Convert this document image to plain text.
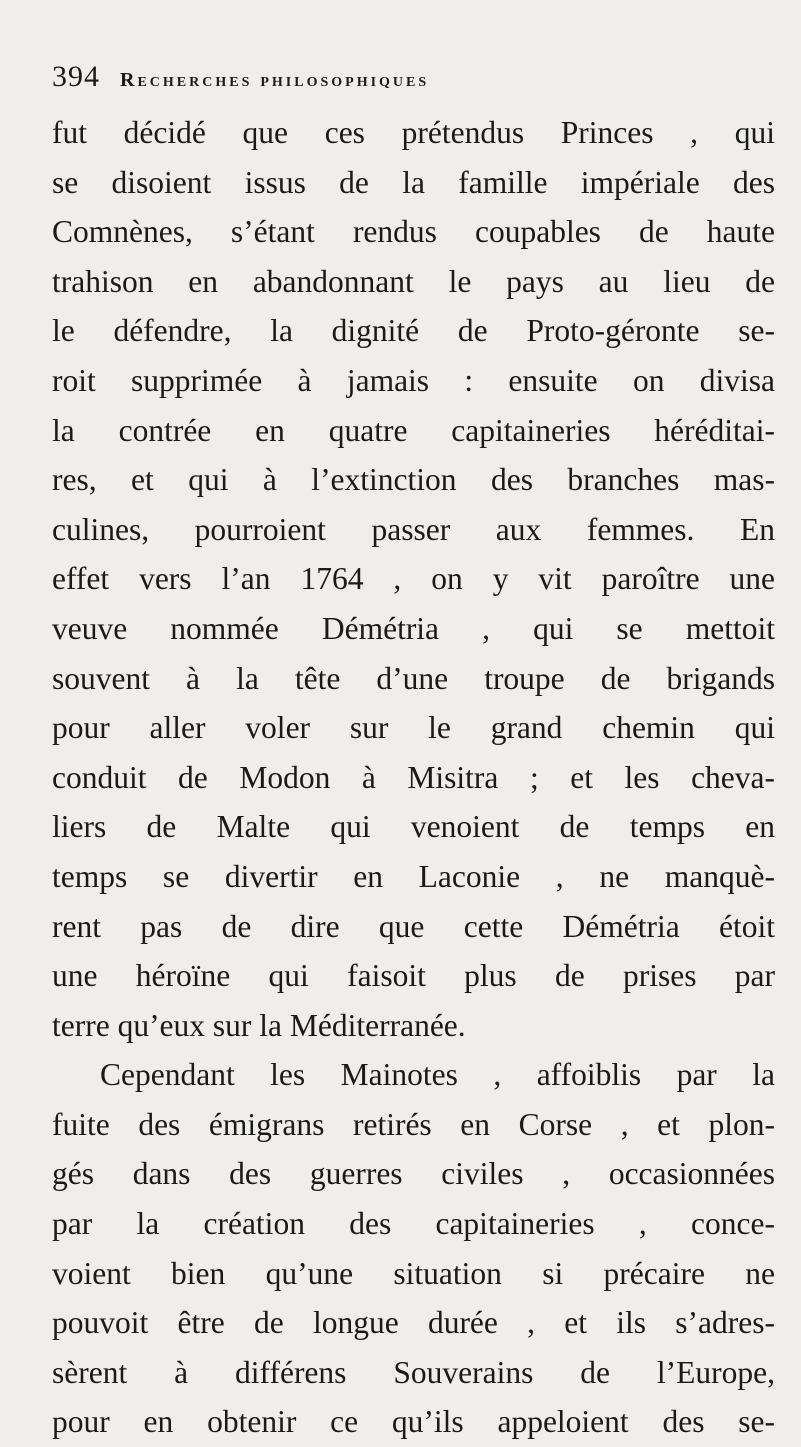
394 Recherches philosophiques
fut décidé que ces prétendus Princes , qui
se disoient issus de la famille impériale des
Comnènes, s’étant rendus coupables de haute
trahison en abandonnant le pays au lieu de
le défendre, la dignité de Proto-géronte se-
roit supprimée à jamais : ensuite on divisa
la contrée en quatre capitaineries héréditai-
res, et qui à l’extinction des branches mas-
culines, pourroient passer aux femmes. En
effet vers l’an 1764 , on y vit paroître une
veuve nommée Démétria , qui se mettoit
souvent à la tête d’une troupe de brigands
pour aller voler sur le grand chemin qui
conduit de Modon à Misitra ; et les cheva-
liers de Malte qui venoient de temps en
temps se divertir en Laconie , ne manquè-
rent pas de dire que cette Démétria étoit
une héroïne qui faisoit plus de prises par
terre qu’eux sur la Méditerranée.
Cependant les Mainotes , affoiblis par la
fuite des émigrans retirés en Corse , et plon-
gés dans des guerres civiles , occasionnées
par la création des capitaineries , conce-
voient bien qu’une situation si précaire ne
pouvoit être de longue durée , et ils s’adres-
sèrent à différens Souverains de l’Europe,
pour en obtenir ce qu’ils appeloient des se-
